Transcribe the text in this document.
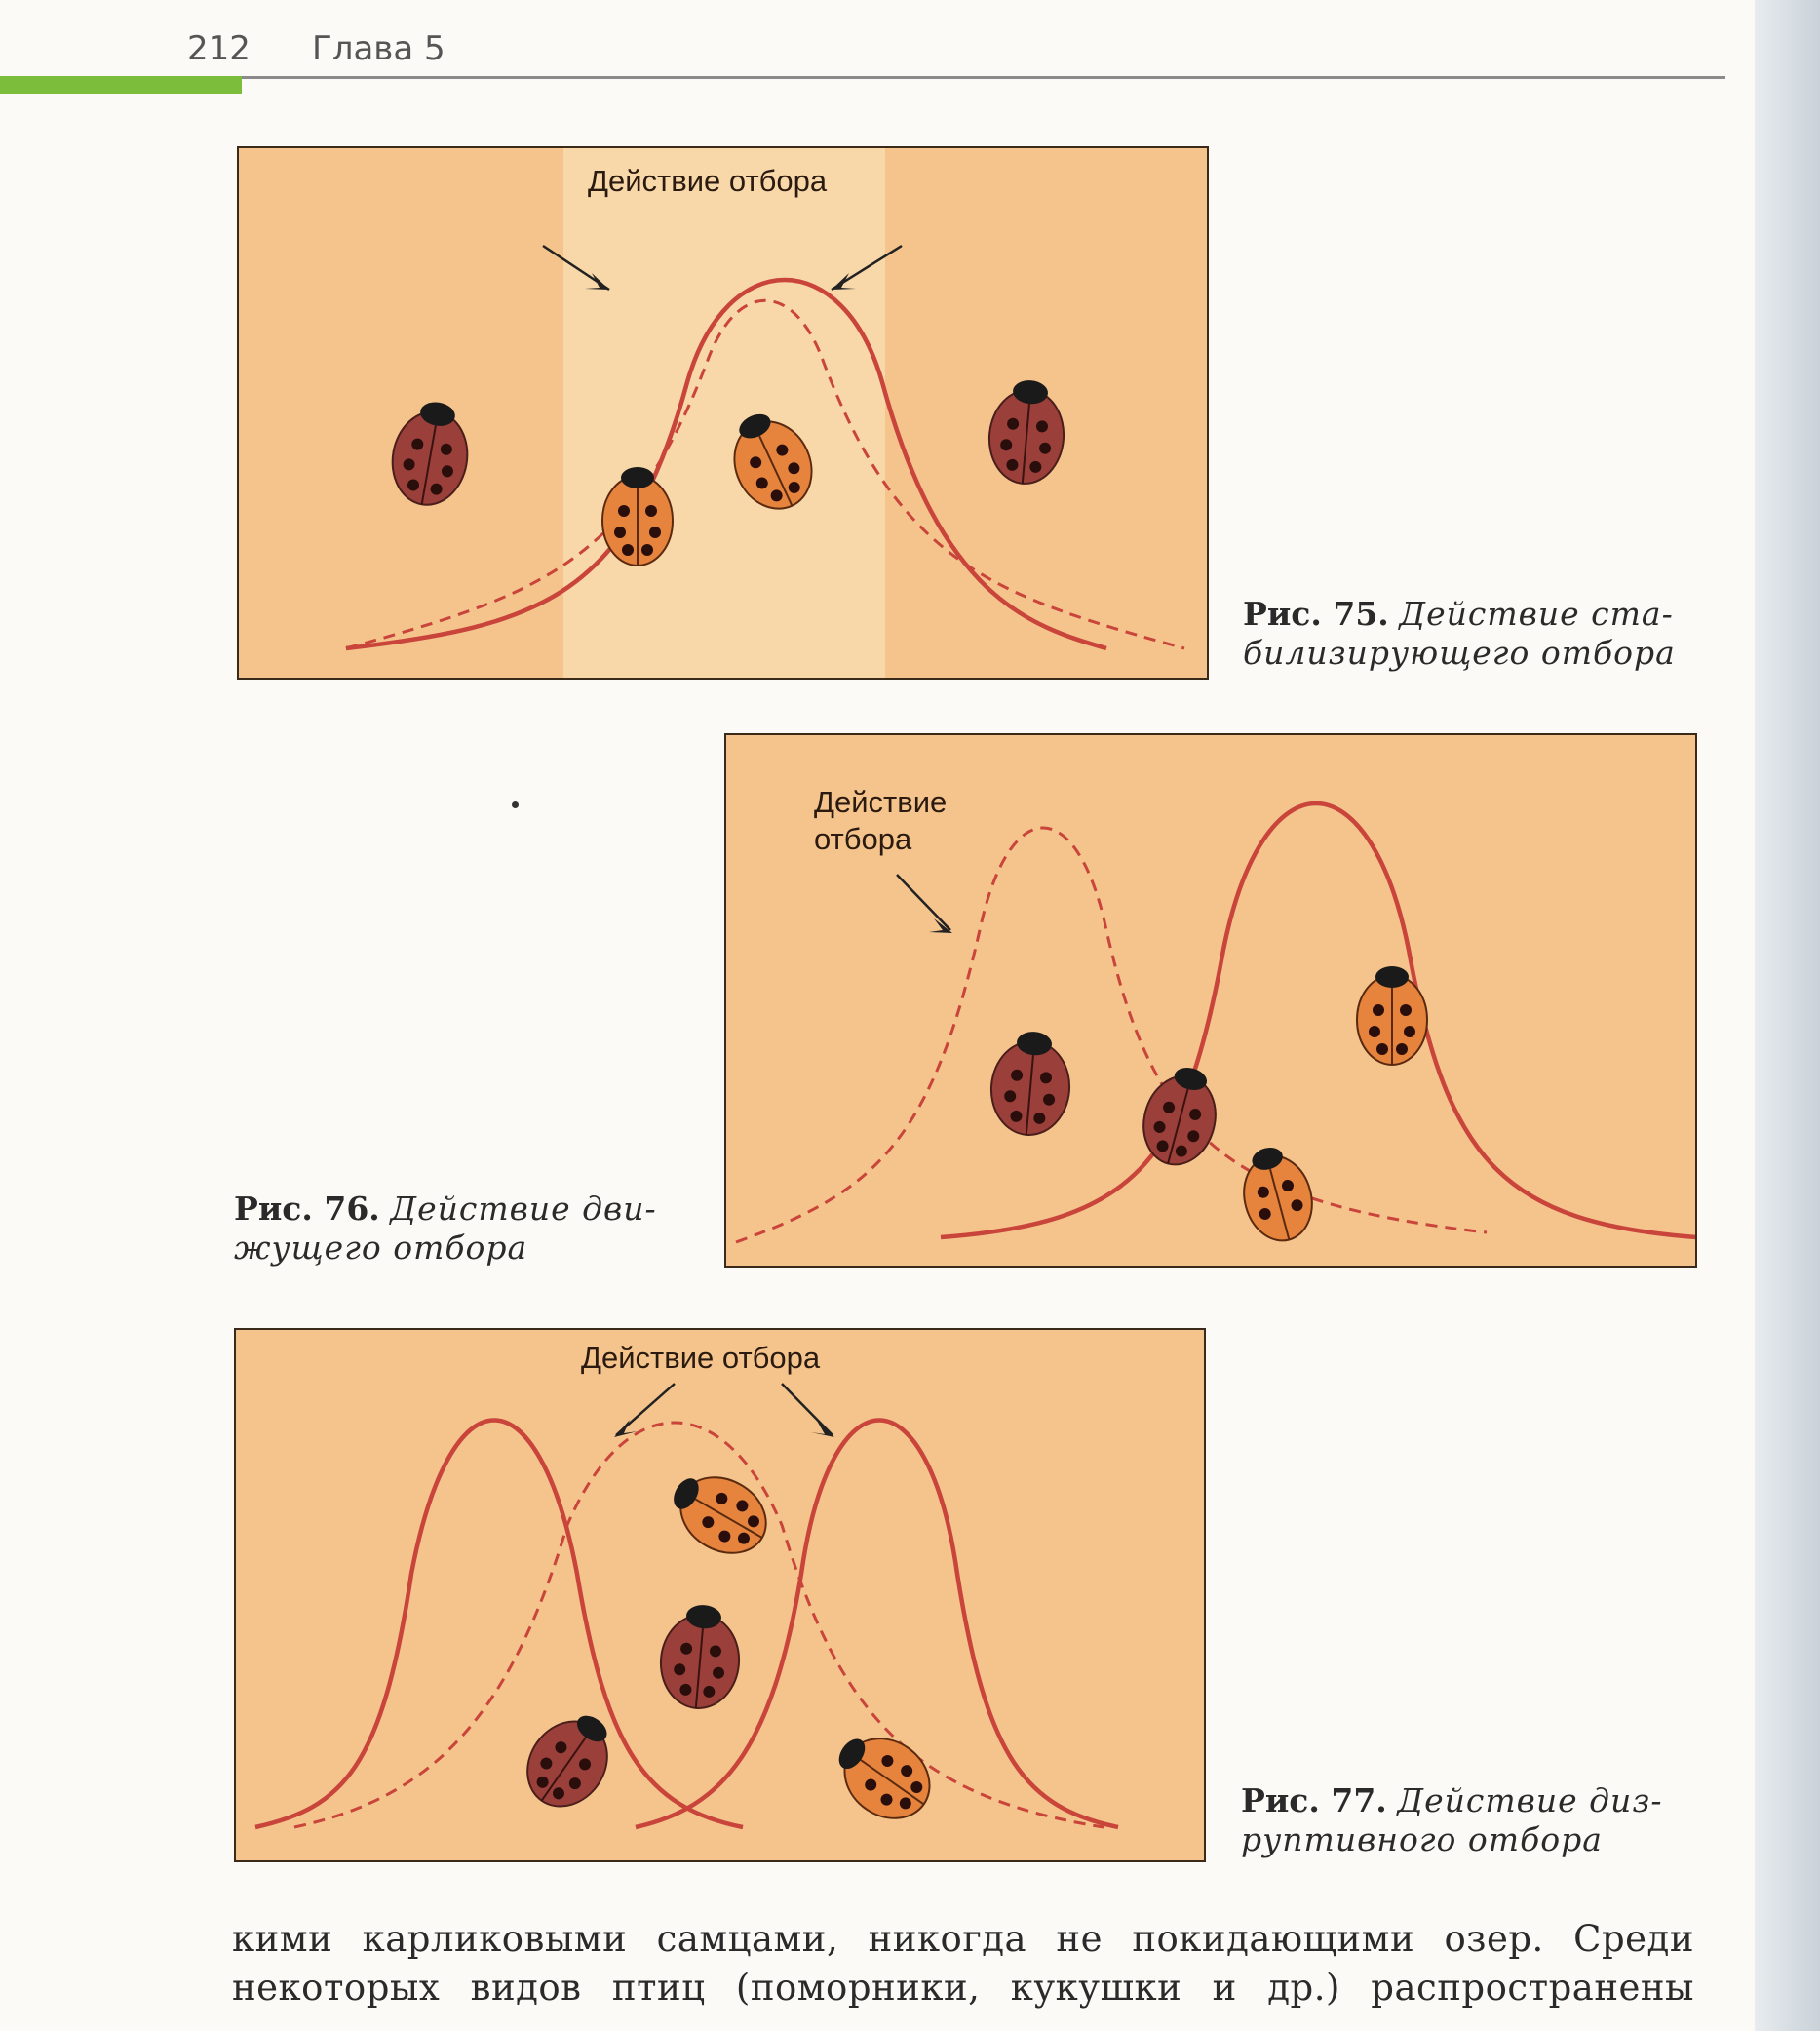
212 Глава 5
Действие отбора
Рис. 75. Действие ста-
билизирующего отбора
Действие
отбора
Рис. 76. Действие дви-
жущего отбора
Действие отбора
Рис. 77. Действие диз-
руптивного отбора
кими карликовыми самцами, никогда не покидающими озер. Среди
некоторых видов птиц (поморники, кукушки и др.) распространены
